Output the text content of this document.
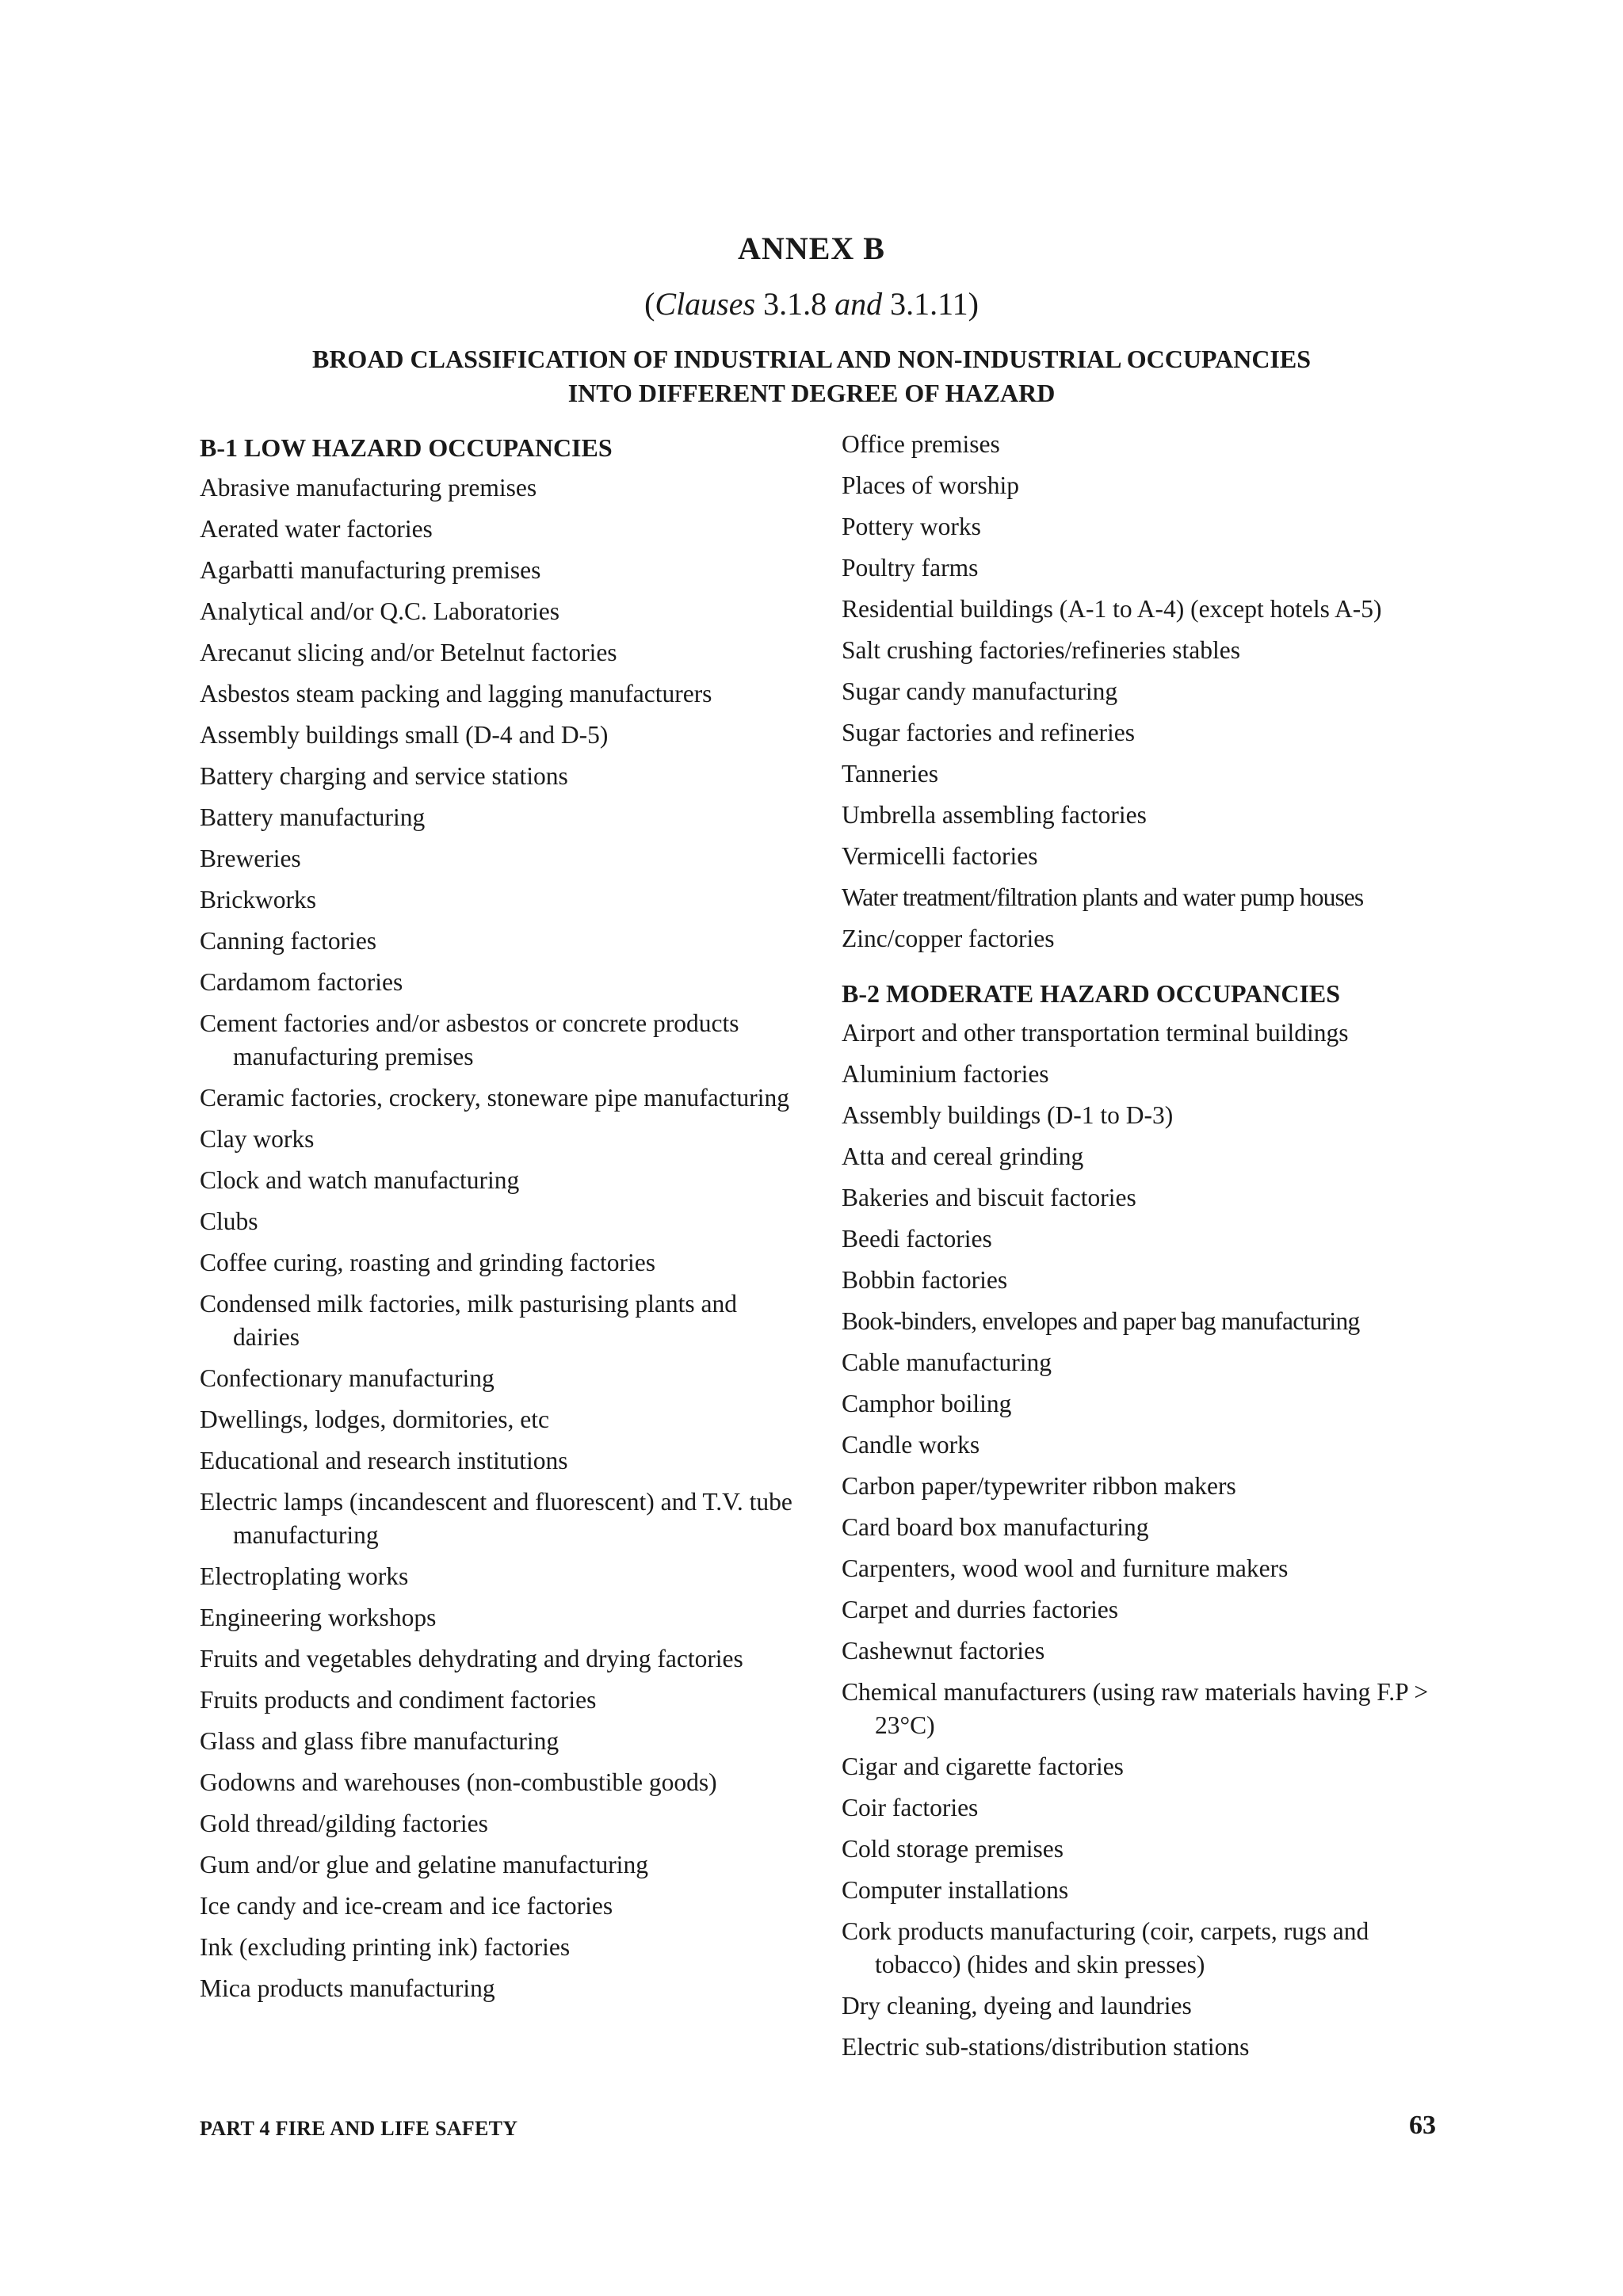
ANNEX B

(Clauses 3.1.8 and 3.1.11)

BROAD CLASSIFICATION OF INDUSTRIAL AND NON-INDUSTRIAL OCCUPANCIES
INTO DIFFERENT DEGREE OF HAZARD
B-1 LOW HAZARD OCCUPANCIES
Abrasive manufacturing premises
Aerated water factories
Agarbatti manufacturing premises
Analytical and/or Q.C. Laboratories
Arecanut slicing and/or Betelnut factories
Asbestos steam packing and lagging manufacturers
Assembly buildings small (D-4 and D-5)
Battery charging and service stations
Battery manufacturing
Breweries
Brickworks
Canning factories
Cardamom factories
Cement factories and/or asbestos or concrete products manufacturing premises
Ceramic factories, crockery, stoneware pipe manufacturing
Clay works
Clock and watch manufacturing
Clubs
Coffee curing, roasting and grinding factories
Condensed milk factories, milk pasturising plants and dairies
Confectionary manufacturing
Dwellings, lodges, dormitories, etc
Educational and research institutions
Electric lamps (incandescent and fluorescent) and T.V. tube manufacturing
Electroplating works
Engineering workshops
Fruits and vegetables dehydrating and drying factories
Fruits products and condiment factories
Glass and glass fibre manufacturing
Godowns and warehouses (non-combustible goods)
Gold thread/gilding factories
Gum and/or glue and gelatine manufacturing
Ice candy and ice-cream and ice factories
Ink (excluding printing ink) factories
Mica products manufacturing
Office premises
Places of worship
Pottery works
Poultry farms
Residential buildings (A-1 to A-4) (except hotels A-5)
Salt crushing factories/refineries stables
Sugar candy manufacturing
Sugar factories and refineries
Tanneries
Umbrella assembling factories
Vermicelli factories
Water treatment/filtration plants and water pump houses
Zinc/copper factories
B-2 MODERATE HAZARD OCCUPANCIES
Airport and other transportation terminal buildings
Aluminium factories
Assembly buildings (D-1 to D-3)
Atta and cereal grinding
Bakeries and biscuit factories
Beedi factories
Bobbin factories
Book-binders, envelopes and paper bag manufacturing
Cable manufacturing
Camphor boiling
Candle works
Carbon paper/typewriter ribbon makers
Card board box manufacturing
Carpenters, wood wool and furniture makers
Carpet and durries factories
Cashewnut factories
Chemical manufacturers (using raw materials having F.P > 23°C)
Cigar and cigarette factories
Coir factories
Cold storage premises
Computer installations
Cork products manufacturing (coir, carpets, rugs and tobacco) (hides and skin presses)
Dry cleaning, dyeing and laundries
Electric sub-stations/distribution stations
PART 4 FIRE AND LIFE SAFETY	63
